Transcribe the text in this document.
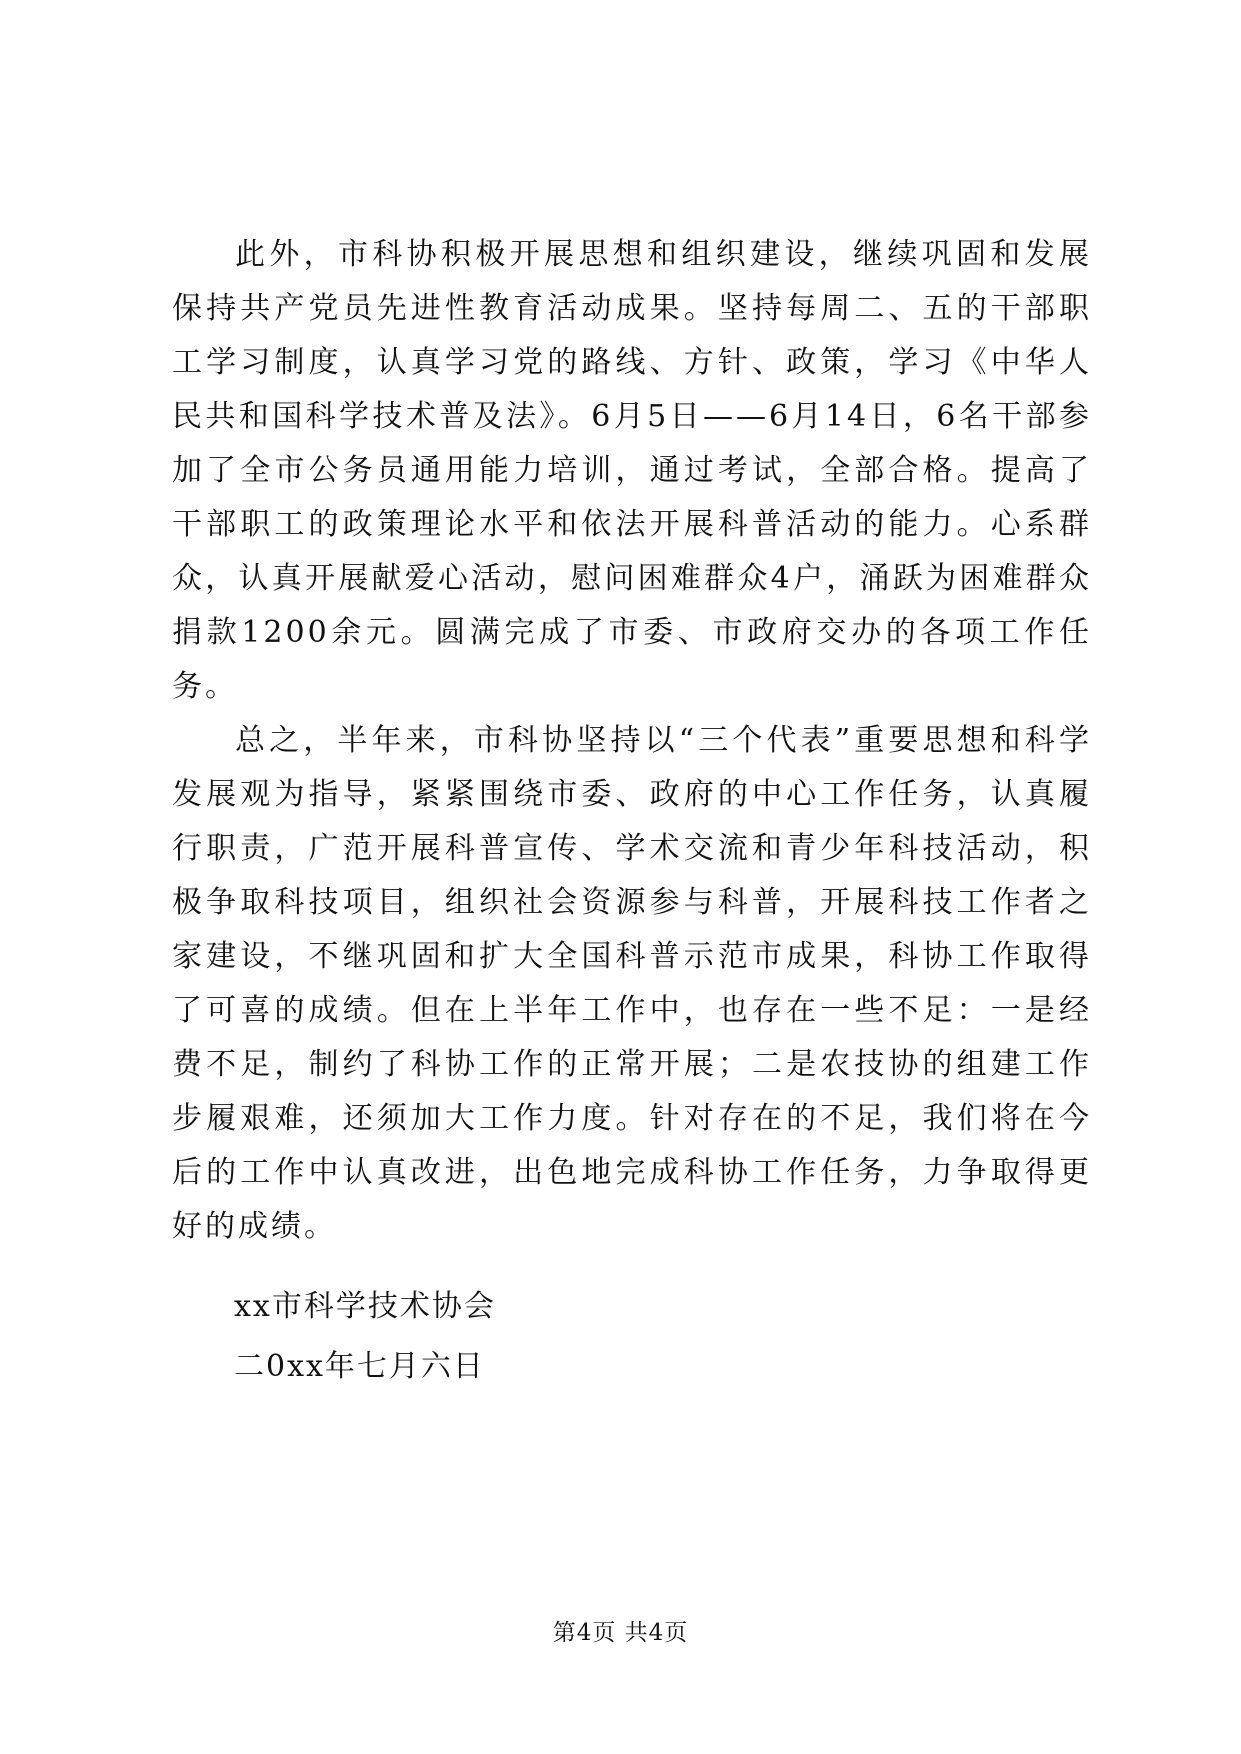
此外，市科协积极开展思想和组织建设，继续巩固和发展保持共产党员先进性教育活动成果。坚持每周二、五的干部职工学习制度，认真学习党的路线、方针、政策，学习《中华人民共和国科学技术普及法》。6月5日——6月14日，6名干部参加了全市公务员通用能力培训，通过考试，全部合格。提高了干部职工的政策理论水平和依法开展科普活动的能力。心系群众，认真开展献爱心活动，慰问困难群众4户，涌跃为困难群众捐款1200余元。圆满完成了市委、市政府交办的各项工作任务。

总之，半年来，市科协坚持以“三个代表”重要思想和科学发展观为指导，紧紧围绕市委、政府的中心工作任务，认真履行职责，广范开展科普宣传、学术交流和青少年科技活动，积极争取科技项目，组织社会资源参与科普，开展科技工作者之家建设，不继巩固和扩大全国科普示范市成果，科协工作取得了可喜的成绩。但在上半年工作中，也存在一些不足：一是经费不足，制约了科协工作的正常开展；二是农技协的组建工作步履艰难，还须加大工作力度。针对存在的不足，我们将在今后的工作中认真改进，出色地完成科协工作任务，力争取得更好的成绩。

xx市科学技术协会
二0xx年七月六日
第4页 共4页
